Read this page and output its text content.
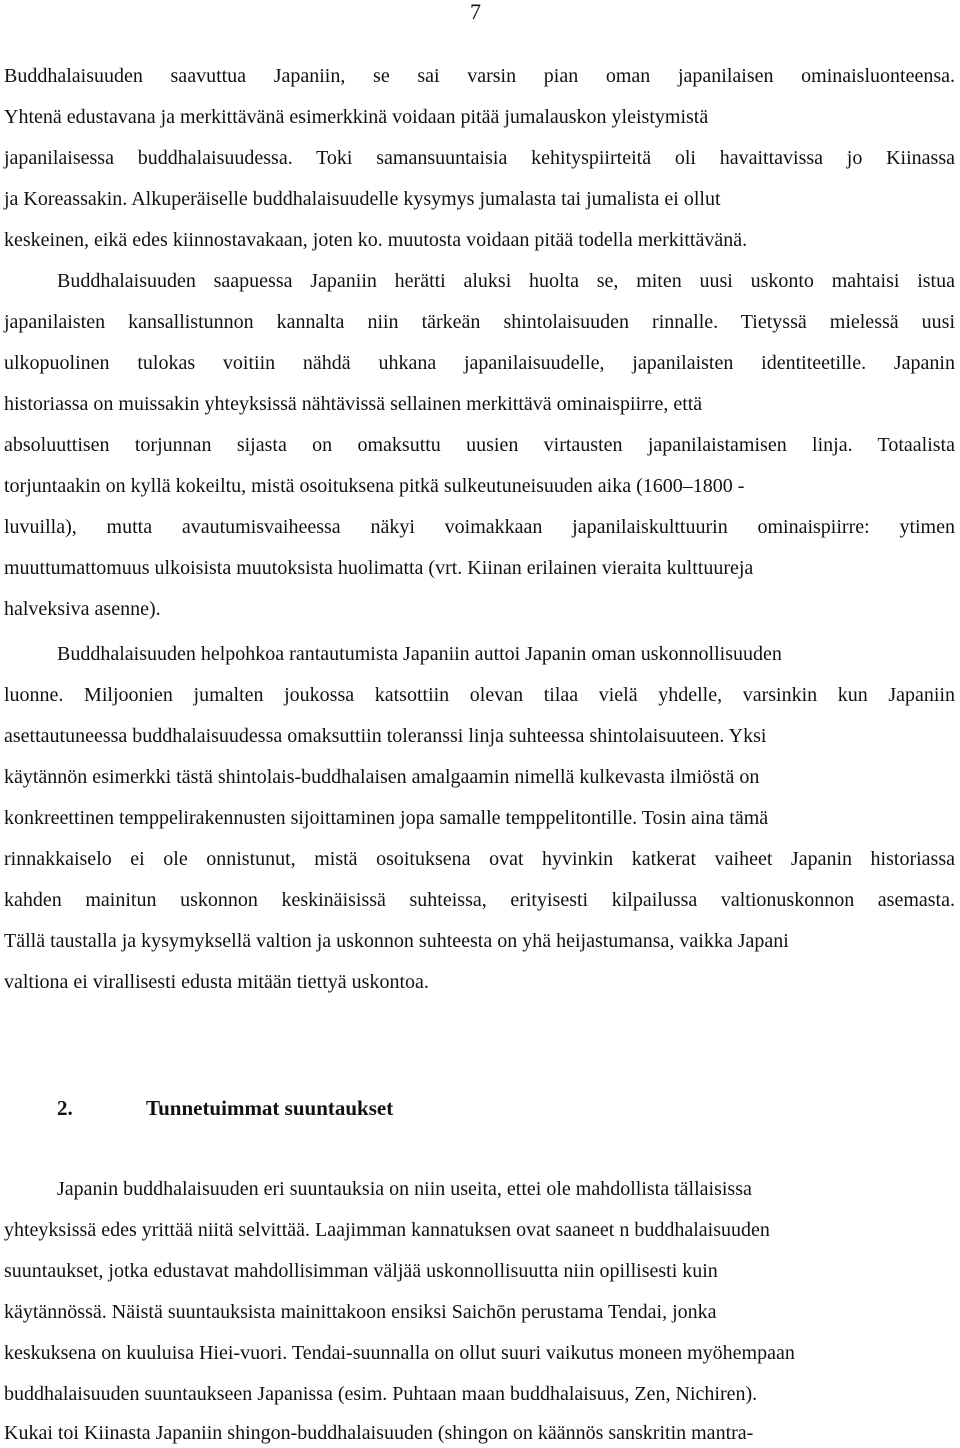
7
Buddhalaisuuden saavuttua Japaniin, se sai varsin pian oman japanilaisen ominaisluonteensa.
Yhtenä edustavana ja merkittävänä esimerkkinä voidaan pitää jumalauskon yleistymistä
japanilaisessa buddhalaisuudessa. Toki samansuuntaisia kehityspiirteitä oli havaittavissa jo Kiinassa
ja Koreassakin. Alkuperäiselle buddhalaisuudelle kysymys jumalasta tai jumalista ei ollut
keskeinen, eikä edes kiinnostavakaan, joten ko. muutosta voidaan pitää todella merkittävänä.
Buddhalaisuuden saapuessa Japaniin herätti aluksi huolta se, miten uusi uskonto mahtaisi istua
japanilaisten kansallistunnon kannalta niin tärkeän shintolaisuuden rinnalle. Tietyssä mielessä uusi
ulkopuolinen tulokas voitiin nähdä uhkana japanilaisuudelle, japanilaisten identiteetille. Japanin
historiassa on muissakin yhteyksissä nähtävissä sellainen merkittävä ominaispiirre, että
absoluuttisen torjunnan sijasta on omaksuttu uusien virtausten japanilaistamisen linja. Totaalista
torjuntaakin on kyllä kokeiltu, mistä osoituksena pitkä sulkeutuneisuuden aika (1600–1800 -
luvuilla), mutta avautumisvaiheessa näkyi voimakkaan japanilaiskulttuurin ominaispiirre: ytimen
muuttumattomuus ulkoisista muutoksista huolimatta (vrt. Kiinan erilainen vieraita kulttuureja
halveksiva asenne).
Buddhalaisuuden helpohkoa rantautumista Japaniin auttoi Japanin oman uskonnollisuuden
luonne. Miljoonien jumalten joukossa katsottiin olevan tilaa vielä yhdelle, varsinkin kun Japaniin
asettautuneessa buddhalaisuudessa omaksuttiin toleranssi linja suhteessa shintolaisuuteen. Yksi
käytännön esimerkki tästä shintolais-buddhalaisen amalgaamin nimellä kulkevasta ilmiöstä on
konkreettinen temppelirakennusten sijoittaminen jopa samalle temppelitontille. Tosin aina tämä
rinnakkaiselo ei ole onnistunut, mistä osoituksena ovat hyvinkin katkerat vaiheet Japanin historiassa
kahden mainitun uskonnon keskinäisissä suhteissa, erityisesti kilpailussa valtionuskonnon asemasta.
Tällä taustalla ja kysymyksellä valtion ja uskonnon suhteesta on yhä heijastumansa, vaikka Japani
valtiona ei virallisesti edusta mitään tiettyä uskontoa.
2.	Tunnetuimmat suuntaukset
Japanin buddhalaisuuden eri suuntauksia on niin useita, ettei ole mahdollista tällaisissa
yhteyksissä edes yrittää niitä selvittää. Laajimman kannatuksen ovat saaneet n buddhalaisuuden
suuntaukset, jotka edustavat mahdollisimman väljää uskonnollisuutta niin opillisesti kuin
käytännössä. Näistä suuntauksista mainittakoon ensiksi Saichōn perustama Tendai, jonka
keskuksena on kuuluisa Hiei-vuori. Tendai-suunnalla on ollut suuri vaikutus moneen myöhempaan
buddhalaisuuden suuntaukseen Japanissa (esim. Puhtaan maan buddhalaisuus, Zen, Nichiren).
Kukai toi Kiinasta Japaniin shingon-buddhalaisuuden (shingon on käännös sanskritin mantra-
